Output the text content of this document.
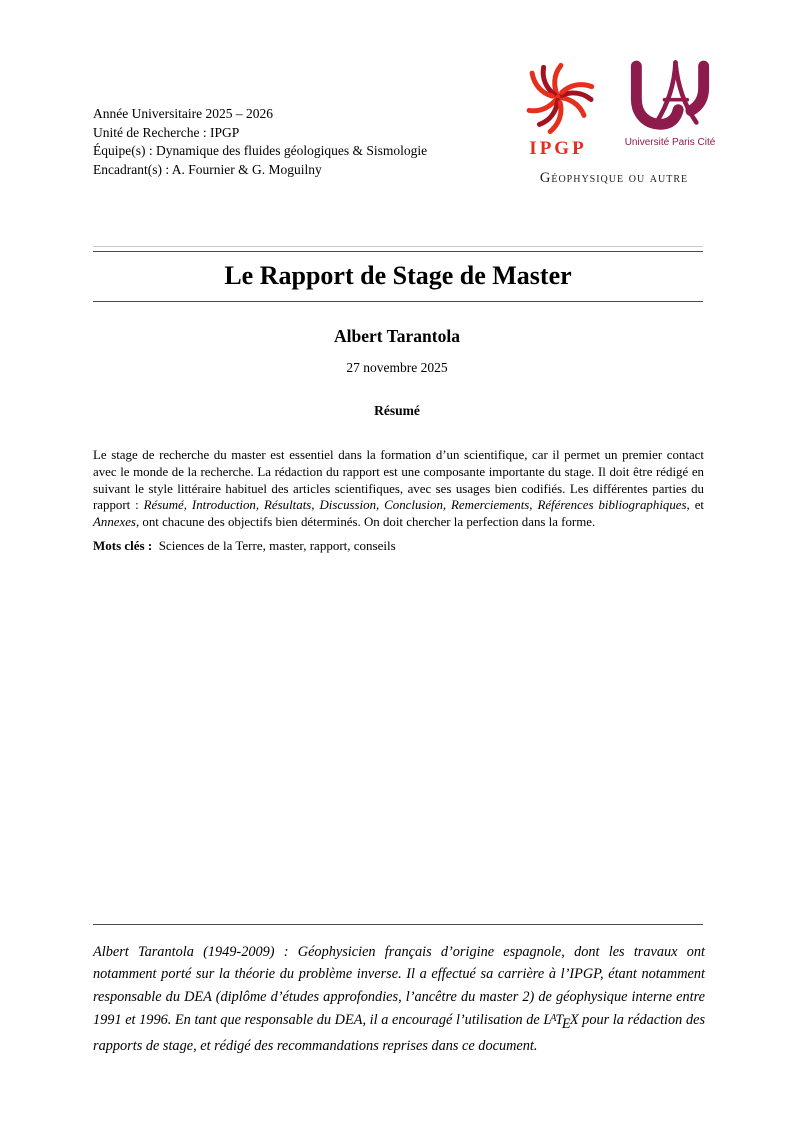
Année Universitaire 2025 – 2026
Unité de Recherche : IPGP
Équipe(s) : Dynamique des fluides géologiques & Sismologie
Encadrant(s) : A. Fournier & G. Moguilny
IPGP	Université Paris Cité
Géophysique ou autre
Le Rapport de Stage de Master
Albert Tarantola
27 novembre 2025
Résumé
Le stage de recherche du master est essentiel dans la formation d’un scientifique, car il permet un premier contact avec le monde de la recherche. La rédaction du rapport est une composante importante du stage. Il doit être rédigé en suivant le style littéraire habituel des articles scientifiques, avec ses usages bien codifiés. Les différentes parties du rapport : Résumé, Introduction, Résultats, Discussion, Conclusion, Remerciements, Références bibliographiques, et Annexes, ont chacune des objectifs bien déterminés. On doit chercher la perfection dans la forme.
Mots clés :  Sciences de la Terre, master, rapport, conseils
Albert Tarantola (1949-2009) : Géophysicien français d’origine espagnole, dont les travaux ont notamment porté sur la théorie du problème inverse. Il a effectué sa carrière à l’IPGP, étant notamment responsable du DEA (diplôme d’études approfondies, l’ancêtre du master 2) de géophysique interne entre 1991 et 1996. En tant que responsable du DEA, il a encouragé l’utilisation de $L^ATEX$ pour la rédaction des rapports de stage, et rédigé des recommandations reprises dans ce document.
